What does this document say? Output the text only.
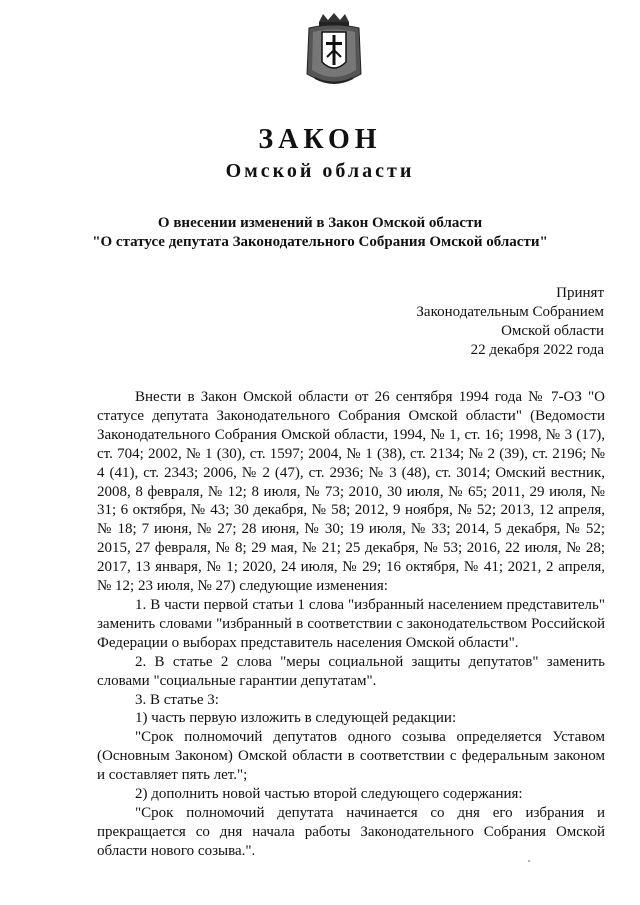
ЗАКОН
Омской области
О внесении изменений в Закон Омской области
"О статусе депутата Законодательного Собрания Омской области"
Принят
Законодательным Собранием
Омской области
22 декабря 2022 года

Внести в Закон Омской области от 26 сентября 1994 года № 7-ОЗ "О статусе депутата Законодательного Собрания Омской области" (Ведомости Законодательного Собрания Омской области, 1994, № 1, ст. 16; 1998, № 3 (17), ст. 704; 2002, № 1 (30), ст. 1597; 2004, № 1 (38), ст. 2134; № 2 (39), ст. 2196; № 4 (41), ст. 2343; 2006, № 2 (47), ст. 2936; № 3 (48), ст. 3014; Омский вестник, 2008, 8 февраля, № 12; 8 июля, № 73; 2010, 30 июля, № 65; 2011, 29 июля, № 31; 6 октября, № 43; 30 декабря, № 58; 2012, 9 ноября, № 52; 2013, 12 апреля, № 18; 7 июня, № 27; 28 июня, № 30; 19 июля, № 33; 2014, 5 декабря, № 52; 2015, 27 февраля, № 8; 29 мая, № 21; 25 декабря, № 53; 2016, 22 июля, № 28; 2017, 13 января, № 1; 2020, 24 июля, № 29; 16 октября, № 41; 2021, 2 апреля, № 12; 23 июля, № 27) следующие изменения:

1. В части первой статьи 1 слова "избранный населением представитель" заменить словами "избранный в соответствии с законодательством Российской Федерации о выборах представитель населения Омской области".

2. В статье 2 слова "меры социальной защиты депутатов" заменить словами "социальные гарантии депутатам".

3. В статье 3:

1) часть первую изложить в следующей редакции:

"Срок полномочий депутатов одного созыва определяется Уставом (Основным Законом) Омской области в соответствии с федеральным законом и составляет пять лет.";

2) дополнить новой частью второй следующего содержания:

"Срок полномочий депутата начинается со дня его избрания и прекращается со дня начала работы Законодательного Собрания Омской области нового созыва.".
